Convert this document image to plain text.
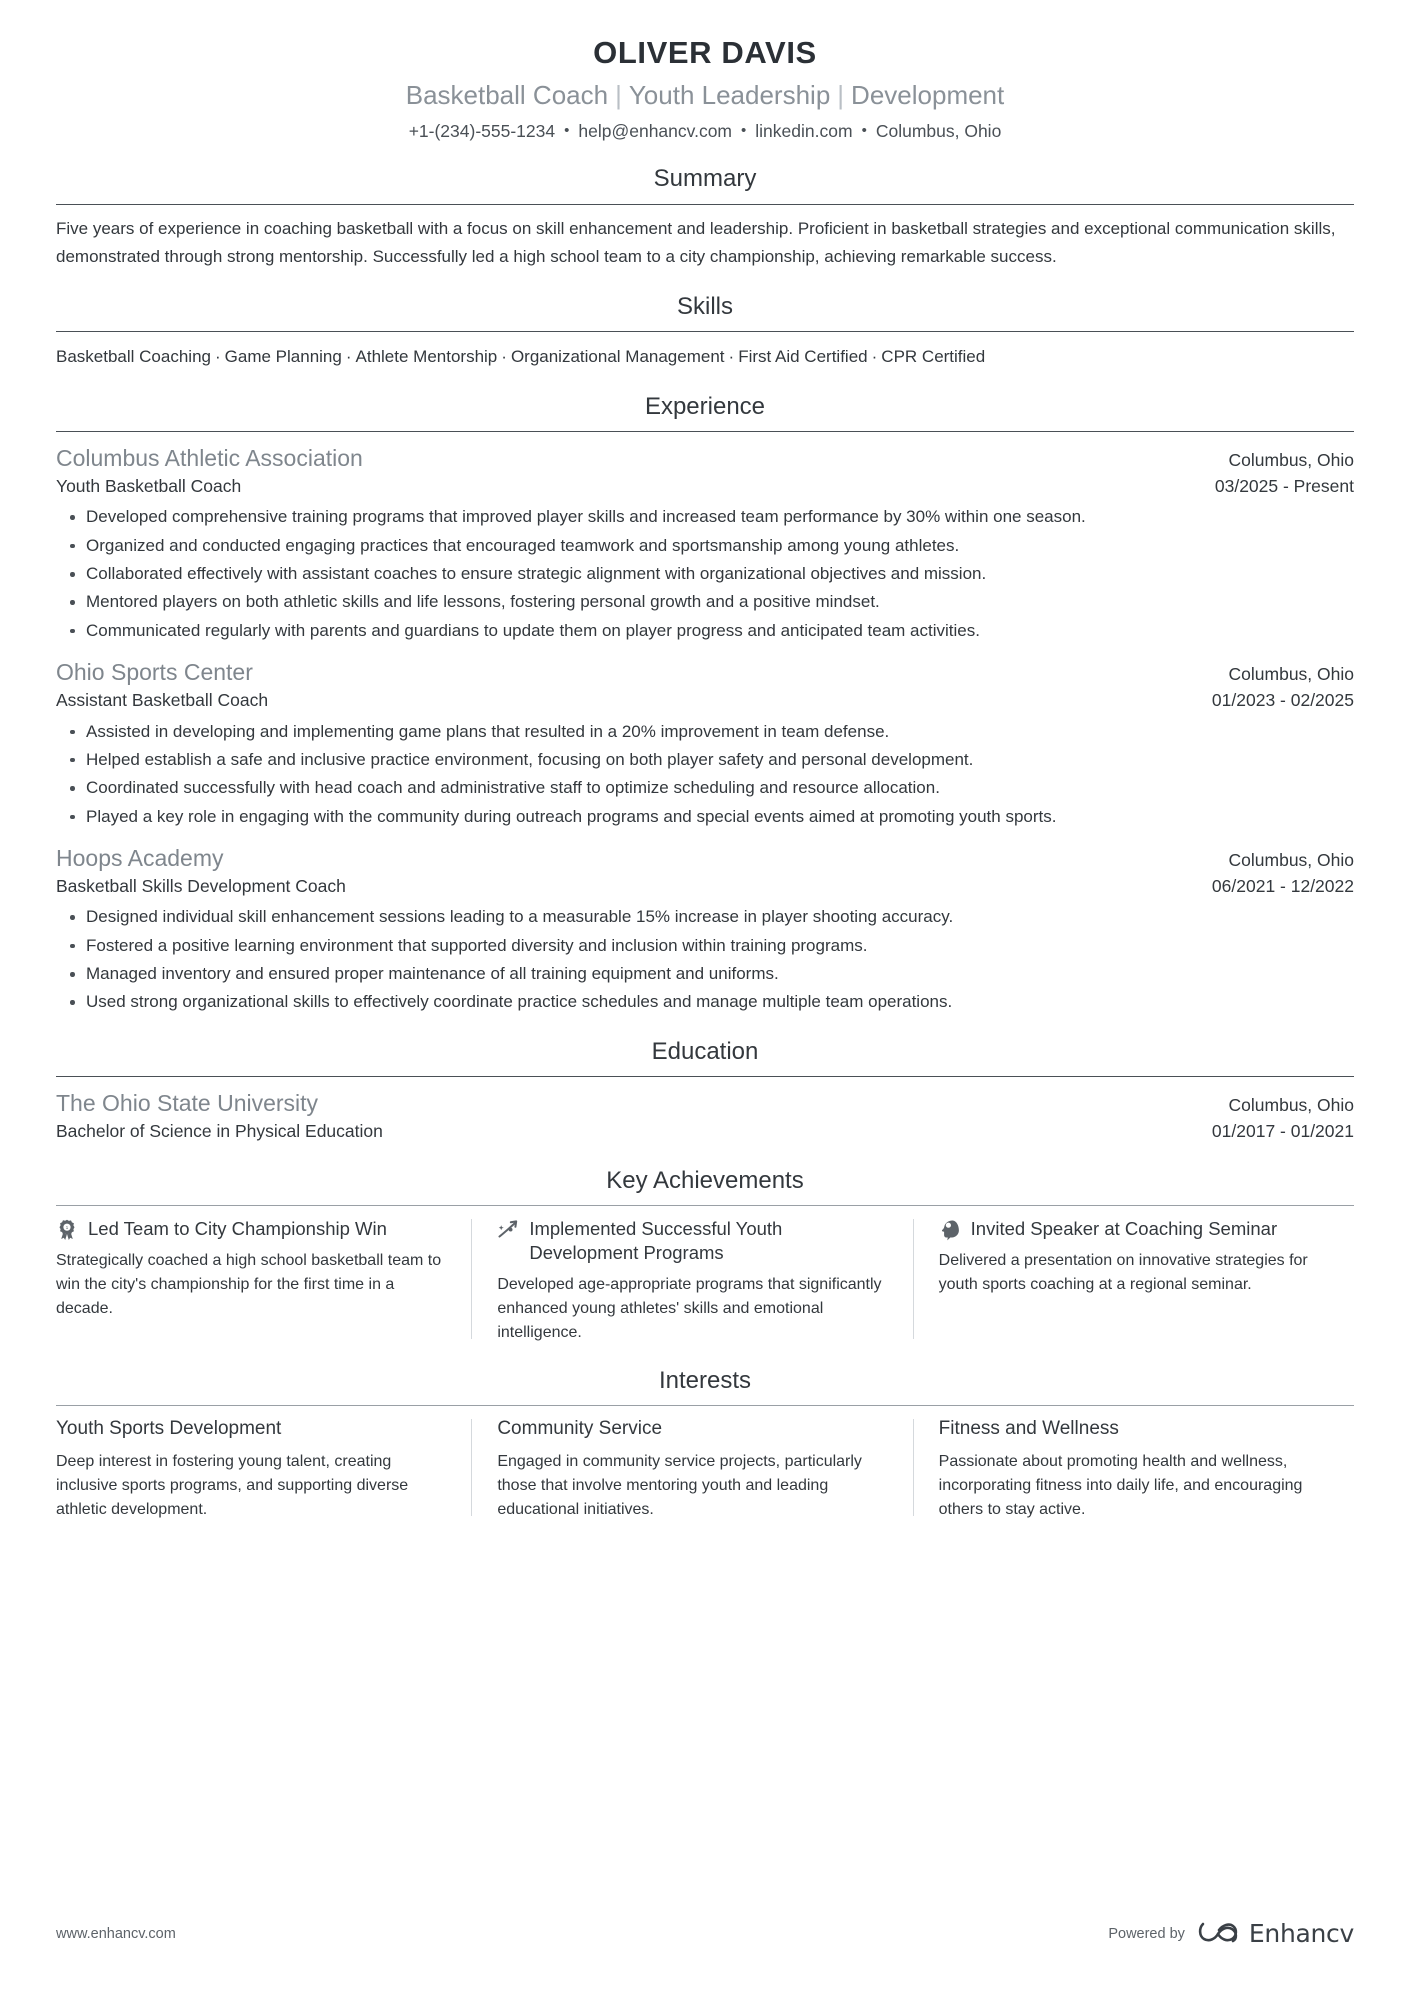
OLIVER DAVIS
Basketball Coach | Youth Leadership | Development
+1-(234)-555-1234 • help@enhancv.com • linkedin.com • Columbus, Ohio
Summary
Five years of experience in coaching basketball with a focus on skill enhancement and leadership. Proficient in basketball strategies and exceptional communication skills, demonstrated through strong mentorship. Successfully led a high school team to a city championship, achieving remarkable success.
Skills
Basketball Coaching · Game Planning · Athlete Mentorship · Organizational Management · First Aid Certified · CPR Certified
Experience
Columbus Athletic Association	Columbus, Ohio
Youth Basketball Coach	03/2025 - Present
Developed comprehensive training programs that improved player skills and increased team performance by 30% within one season.
Organized and conducted engaging practices that encouraged teamwork and sportsmanship among young athletes.
Collaborated effectively with assistant coaches to ensure strategic alignment with organizational objectives and mission.
Mentored players on both athletic skills and life lessons, fostering personal growth and a positive mindset.
Communicated regularly with parents and guardians to update them on player progress and anticipated team activities.
Ohio Sports Center	Columbus, Ohio
Assistant Basketball Coach	01/2023 - 02/2025
Assisted in developing and implementing game plans that resulted in a 20% improvement in team defense.
Helped establish a safe and inclusive practice environment, focusing on both player safety and personal development.
Coordinated successfully with head coach and administrative staff to optimize scheduling and resource allocation.
Played a key role in engaging with the community during outreach programs and special events aimed at promoting youth sports.
Hoops Academy	Columbus, Ohio
Basketball Skills Development Coach	06/2021 - 12/2022
Designed individual skill enhancement sessions leading to a measurable 15% increase in player shooting accuracy.
Fostered a positive learning environment that supported diversity and inclusion within training programs.
Managed inventory and ensured proper maintenance of all training equipment and uniforms.
Used strong organizational skills to effectively coordinate practice schedules and manage multiple team operations.
Education
The Ohio State University	Columbus, Ohio
Bachelor of Science in Physical Education	01/2017 - 01/2021
Key Achievements
1 Led Team to City Championship Win
Strategically coached a high school basketball team to win the city's championship for the first time in a decade.
Implemented Successful Youth Development Programs
Developed age-appropriate programs that significantly enhanced young athletes' skills and emotional intelligence.
Invited Speaker at Coaching Seminar
Delivered a presentation on innovative strategies for youth sports coaching at a regional seminar.
Interests
Youth Sports Development
Deep interest in fostering young talent, creating inclusive sports programs, and supporting diverse athletic development.
Community Service
Engaged in community service projects, particularly those that involve mentoring youth and leading educational initiatives.
Fitness and Wellness
Passionate about promoting health and wellness, incorporating fitness into daily life, and encouraging others to stay active.
www.enhancv.com	Powered by	Enhancv
